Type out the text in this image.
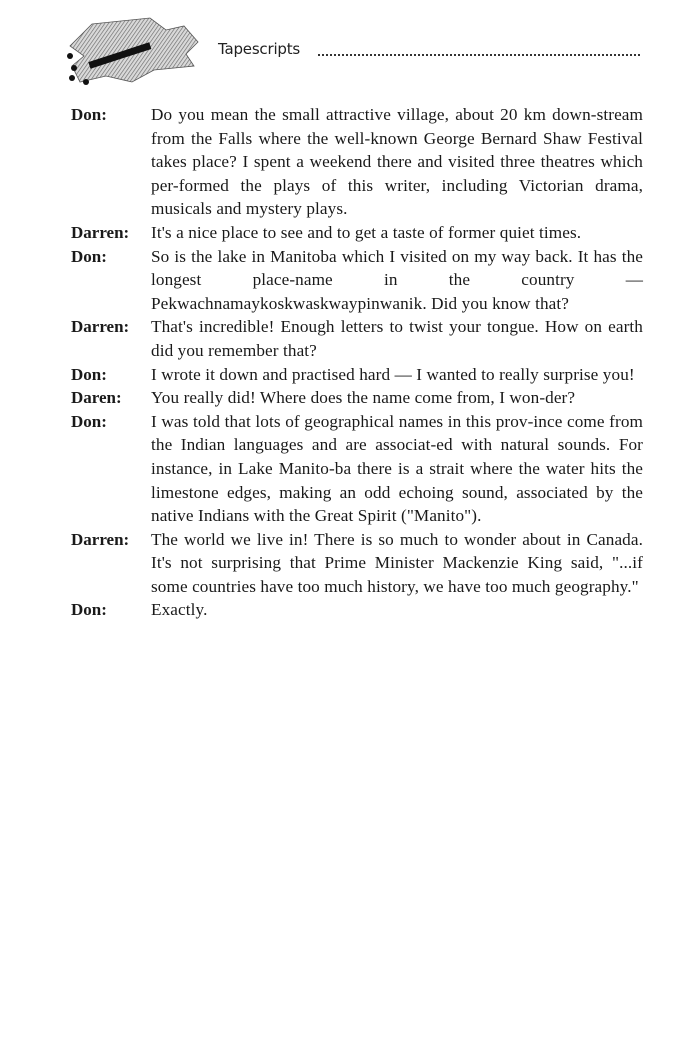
Tapescripts
Don:	Do you mean the small attractive village, about 20 km down-stream from the Falls where the well-known George Bernard Shaw Festival takes place? I spent a weekend there and visited three theatres which per-formed the plays of this writer, including Victorian drama, musicals and mystery plays.
Darren:	It's a nice place to see and to get a taste of former quiet times.
Don:	So is the lake in Manitoba which I visited on my way back. It has the longest place-name in the country — Pekwachnamaykoskwaskwaypinwanik. Did you know that?
Darren:	That's incredible! Enough letters to twist your tongue. How on earth did you remember that?
Don:	I wrote it down and practised hard — I wanted to really surprise you!
Daren:	You really did! Where does the name come from, I won-der?
Don:	I was told that lots of geographical names in this prov-ince come from the Indian languages and are associat-ed with natural sounds. For instance, in Lake Manito-ba there is a strait where the water hits the limestone edges, making an odd echoing sound, associated by the native Indians with the Great Spirit ("Manito").
Darren:	The world we live in! There is so much to wonder about in Canada. It's not surprising that Prime Minister Mackenzie King said, "...if some countries have too much history, we have too much geography."
Don:	Exactly.
